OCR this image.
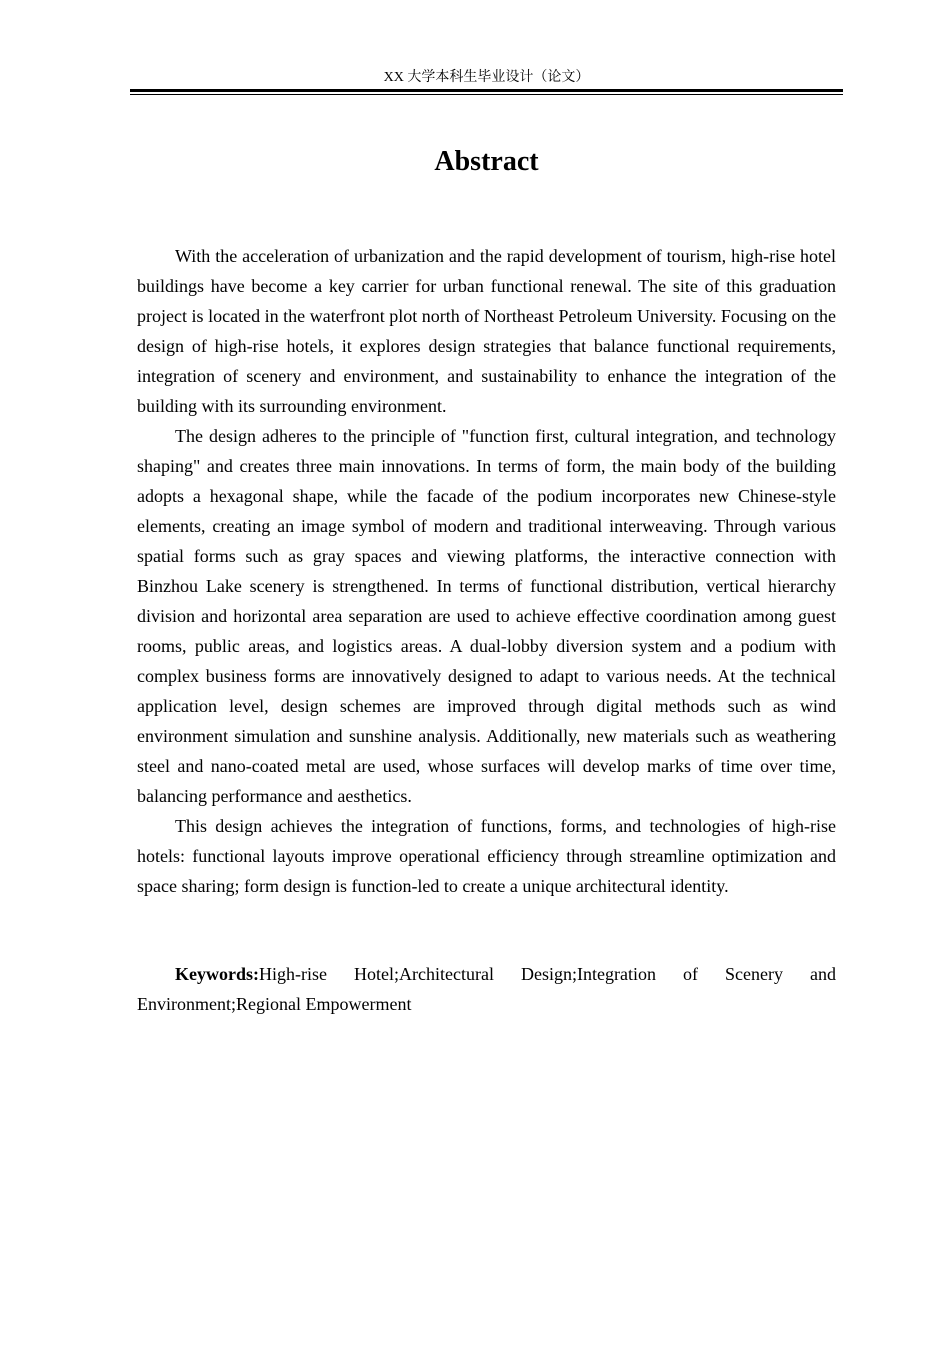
XX 大学本科生毕业设计（论文）
Abstract

With the acceleration of urbanization and the rapid development of tourism, high-rise hotel buildings have become a key carrier for urban functional renewal. The site of this graduation project is located in the waterfront plot north of Northeast Petroleum University. Focusing on the design of high-rise hotels, it explores design strategies that balance functional requirements, integration of scenery and environment, and sustainability to enhance the integration of the building with its surrounding environment.

The design adheres to the principle of "function first, cultural integration, and technology shaping" and creates three main innovations. In terms of form, the main body of the building adopts a hexagonal shape, while the facade of the podium incorporates new Chinese-style elements, creating an image symbol of modern and traditional interweaving. Through various spatial forms such as gray spaces and viewing platforms, the interactive connection with Binzhou Lake scenery is strengthened. In terms of functional distribution, vertical hierarchy division and horizontal area separation are used to achieve effective coordination among guest rooms, public areas, and logistics areas. A dual-lobby diversion system and a podium with complex business forms are innovatively designed to adapt to various needs. At the technical application level, design schemes are improved through digital methods such as wind environment simulation and sunshine analysis. Additionally, new materials such as weathering steel and nano-coated metal are used, whose surfaces will develop marks of time over time, balancing performance and aesthetics.

This design achieves the integration of functions, forms, and technologies of high-rise hotels: functional layouts improve operational efficiency through streamline optimization and space sharing; form design is function-led to create a unique architectural identity.

Keywords:High-rise Hotel;Architectural Design;Integration of Scenery and Environment;Regional Empowerment
